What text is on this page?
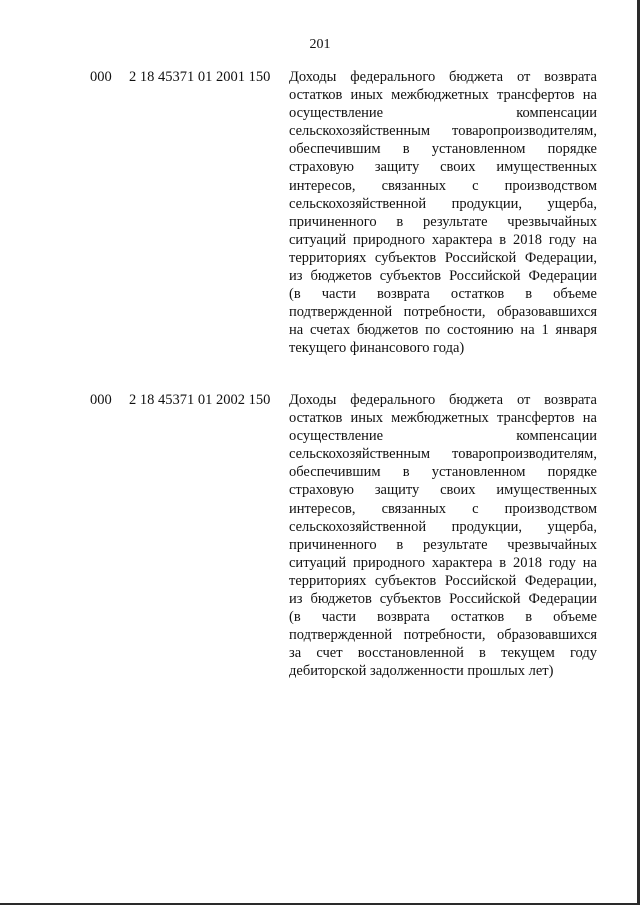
201
000 2 18 45371 01 2001 150 Доходы федерального бюджета от возврата
остатков иных межбюджетных трансфертов на
осуществление компенсации
сельскохозяйственным товаропроизводителям,
обеспечившим в установленном порядке
страховую защиту своих имущественных
интересов, связанных с производством
сельскохозяйственной продукции, ущерба,
причиненного в результате чрезвычайных
ситуаций природного характера в 2018 году на
территориях субъектов Российской Федерации,
из бюджетов субъектов Российской Федерации
(в части возврата остатков в объеме
подтвержденной потребности, образовавшихся
на счетах бюджетов по состоянию на 1 января
текущего финансового года)
000 2 18 45371 01 2002 150 Доходы федерального бюджета от возврата
остатков иных межбюджетных трансфертов на
осуществление компенсации
сельскохозяйственным товаропроизводителям,
обеспечившим в установленном порядке
страховую защиту своих имущественных
интересов, связанных с производством
сельскохозяйственной продукции, ущерба,
причиненного в результате чрезвычайных
ситуаций природного характера в 2018 году на
территориях субъектов Российской Федерации,
из бюджетов субъектов Российской Федерации
(в части возврата остатков в объеме
подтвержденной потребности, образовавшихся
за счет восстановленной в текущем году
дебиторской задолженности прошлых лет)
